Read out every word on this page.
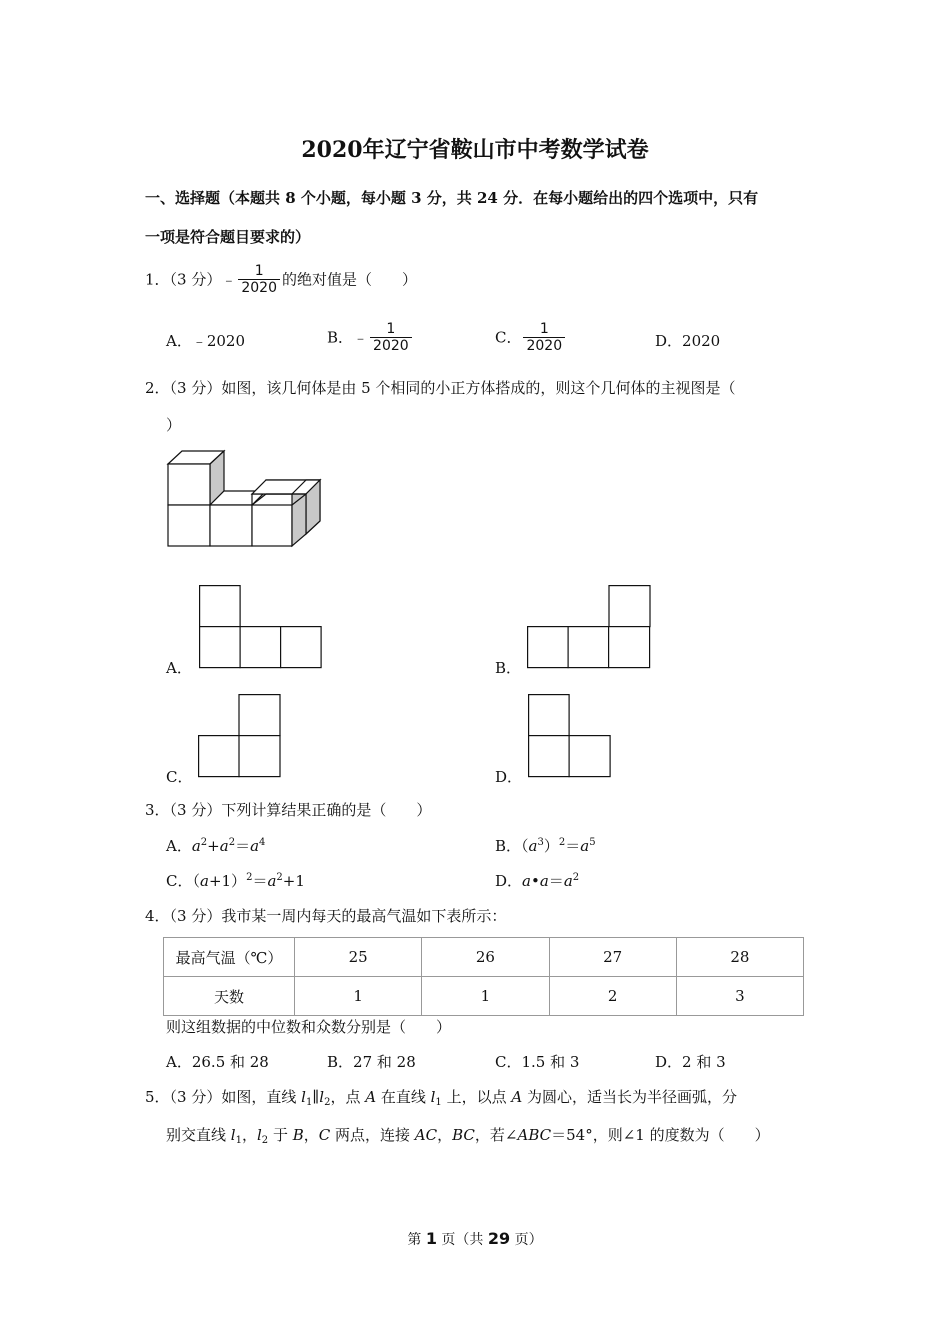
2020年辽宁省鞍山市中考数学试卷
一、选择题（本题共 8 个小题，每小题 3 分，共 24 分．在每小题给出的四个选项中，只有
一项是符合题目要求的）
1．（3 分）﹣ $\frac{1}{2020}$ 的绝对值是（　　）
A．﹣2020	B．﹣ $\frac{1}{2020}$	C． $\frac{1}{2020}$	D．2020
2．（3 分）如图，该几何体是由 5 个相同的小正方体搭成的，则这个几何体的主视图是（
）
A．	B．
C．	D．
3．（3 分）下列计算结果正确的是（　　）
A．$a^2+a^2=a^4$	B．$(a^3)^2=a^5$
C．$(a+1)^2=a^2+1$	D．$a•a=a^2$
4．（3 分）我市某一周内每天的最高气温如下表所示：
最高气温（℃）	25	26	27	28
天数	1	1	2	3
则这组数据的中位数和众数分别是（　　）
A．26.5 和 28	B．27 和 28	C．1.5 和 3	D．2 和 3
5．（3 分）如图，直线 $l_1\parallel l_2$，点 A 在直线 $l_1$ 上，以点 A 为圆心，适当长为半径画弧，分
别交直线 $l_1$，$l_2$ 于 B，C 两点，连接 AC，BC，若∠ABC＝54°，则∠1 的度数为（　　）
第 1 页（共 29 页）
